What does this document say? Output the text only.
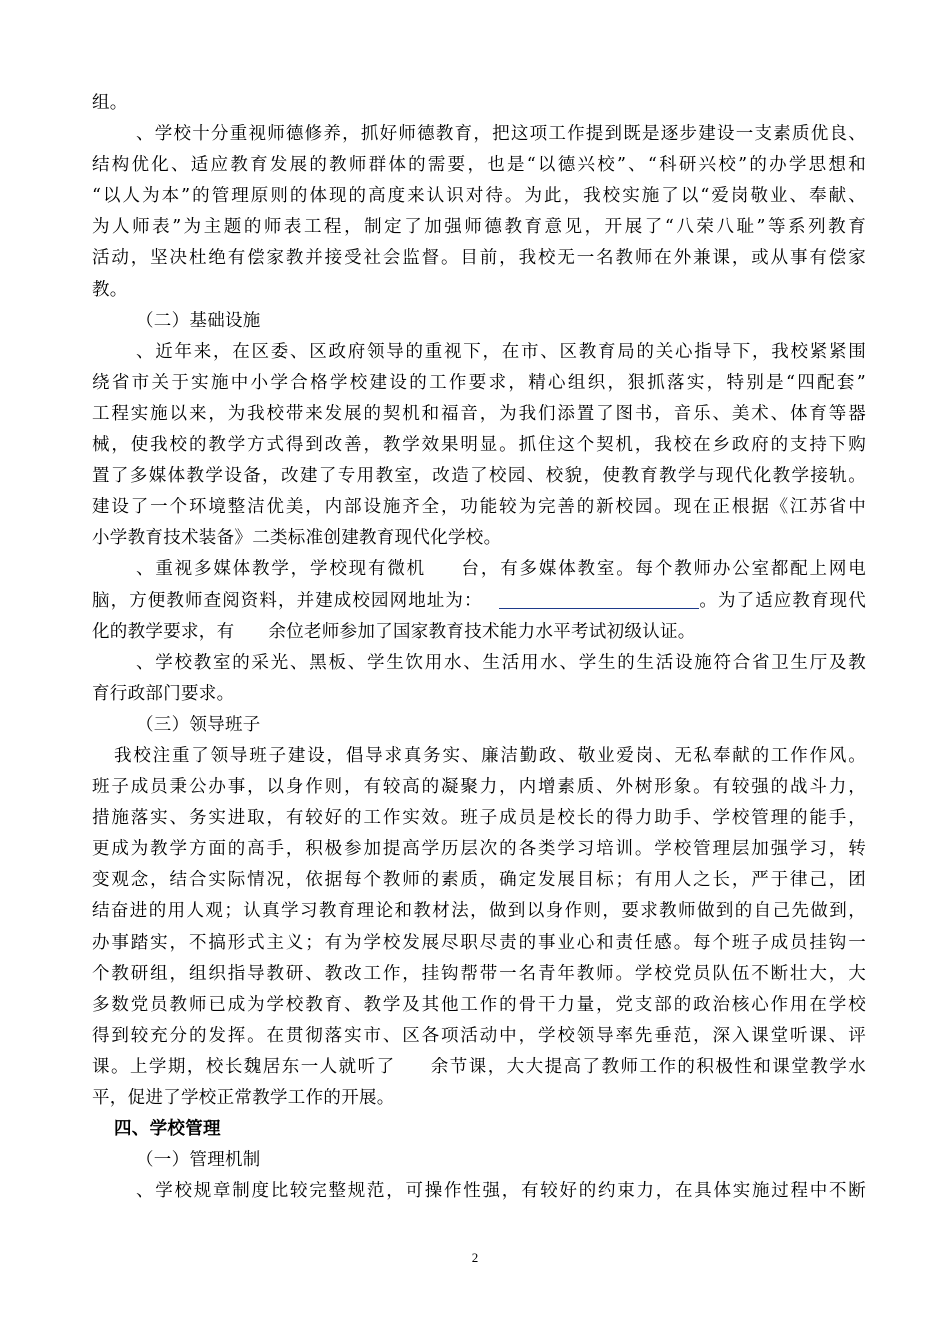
组。
、学校十分重视师德修养，抓好师德教育，把这项工作提到既是逐步建设一支素质优良、
结构优化、适应教育发展的教师群体的需要，也是“以德兴校”、“科研兴校”的办学思想和
“以人为本”的管理原则的体现的高度来认识对待。为此，我校实施了以“爱岗敬业、奉献、
为人师表”为主题的师表工程，制定了加强师德教育意见，开展了“八荣八耻”等系列教育
活动，坚决杜绝有偿家教并接受社会监督。目前，我校无一名教师在外兼课，或从事有偿家
教。
（二）基础设施
、近年来，在区委、区政府领导的重视下，在市、区教育局的关心指导下，我校紧紧围
绕省市关于实施中小学合格学校建设的工作要求，精心组织，狠抓落实，特别是“四配套”
工程实施以来，为我校带来发展的契机和福音，为我们添置了图书，音乐、美术、体育等器
械，使我校的教学方式得到改善，教学效果明显。抓住这个契机，我校在乡政府的支持下购
置了多媒体教学设备，改建了专用教室，改造了校园、校貌，使教育教学与现代化教学接轨。
建设了一个环境整洁优美，内部设施齐全，功能较为完善的新校园。现在正根据《江苏省中
小学教育技术装备》二类标准创建教育现代化学校。
、重视多媒体教学，学校现有微机 台，有多媒体教室。每个教师办公室都配上网电
脑，方便教师查阅资料，并建成校园网地址为：	。为了适应教育现代
化的教学要求，有 余位老师参加了国家教育技术能力水平考试初级认证。
、学校教室的采光、黑板、学生饮用水、生活用水、学生的生活设施符合省卫生厅及教
育行政部门要求。
（三）领导班子
我校注重了领导班子建设，倡导求真务实、廉洁勤政、敬业爱岗、无私奉献的工作作风。
班子成员秉公办事，以身作则，有较高的凝聚力，内增素质、外树形象。有较强的战斗力，
措施落实、务实进取，有较好的工作实效。班子成员是校长的得力助手、学校管理的能手，
更成为教学方面的高手，积极参加提高学历层次的各类学习培训。学校管理层加强学习，转
变观念，结合实际情况，依据每个教师的素质，确定发展目标；有用人之长，严于律己，团
结奋进的用人观；认真学习教育理论和教材法，做到以身作则，要求教师做到的自己先做到，
办事踏实，不搞形式主义；有为学校发展尽职尽责的事业心和责任感。每个班子成员挂钩一
个教研组，组织指导教研、教改工作，挂钩帮带一名青年教师。学校党员队伍不断壮大，大
多数党员教师已成为学校教育、教学及其他工作的骨干力量，党支部的政治核心作用在学校
得到较充分的发挥。在贯彻落实市、区各项活动中，学校领导率先垂范，深入课堂听课、评
课。上学期，校长魏居东一人就听了 余节课，大大提高了教师工作的积极性和课堂教学水
平，促进了学校正常教学工作的开展。
四、学校管理
（一）管理机制
、学校规章制度比较完整规范，可操作性强，有较好的约束力，在具体实施过程中不断
2
